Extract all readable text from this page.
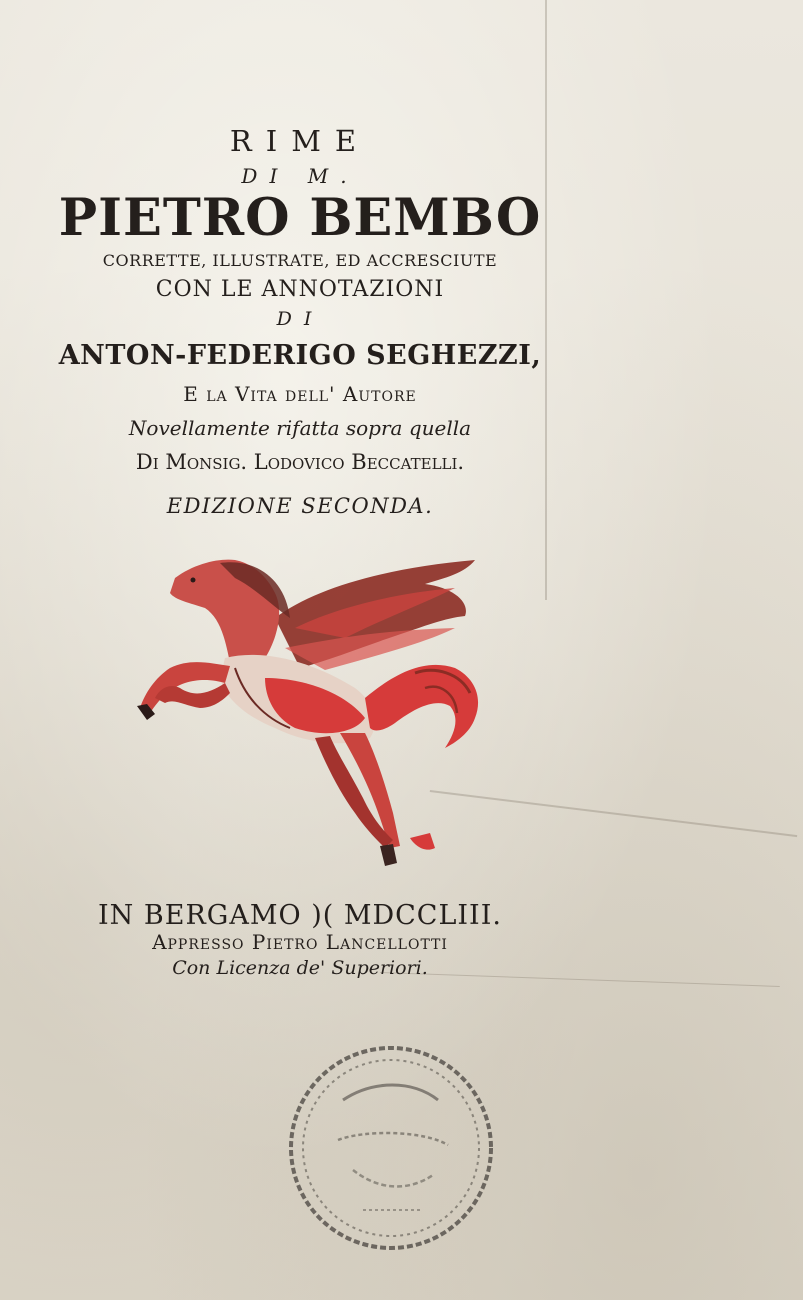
RIME
DI M.
PIETRO BEMBO
CORRETTE, ILLUSTRATE, ED ACCRESCIUTE
CON LE ANNOTAZIONI
DI
ANTON-FEDERIGO SEGHEZZI,
E la Vita dell' Autore
Novellamente rifatta sopra quella
Di Monsig. Lodovico Beccatelli.
EDIZIONE SECONDA.
IN BERGAMO )( MDCCLIII.
Appresso Pietro Lancellotti
Con Licenza de' Superiori.
